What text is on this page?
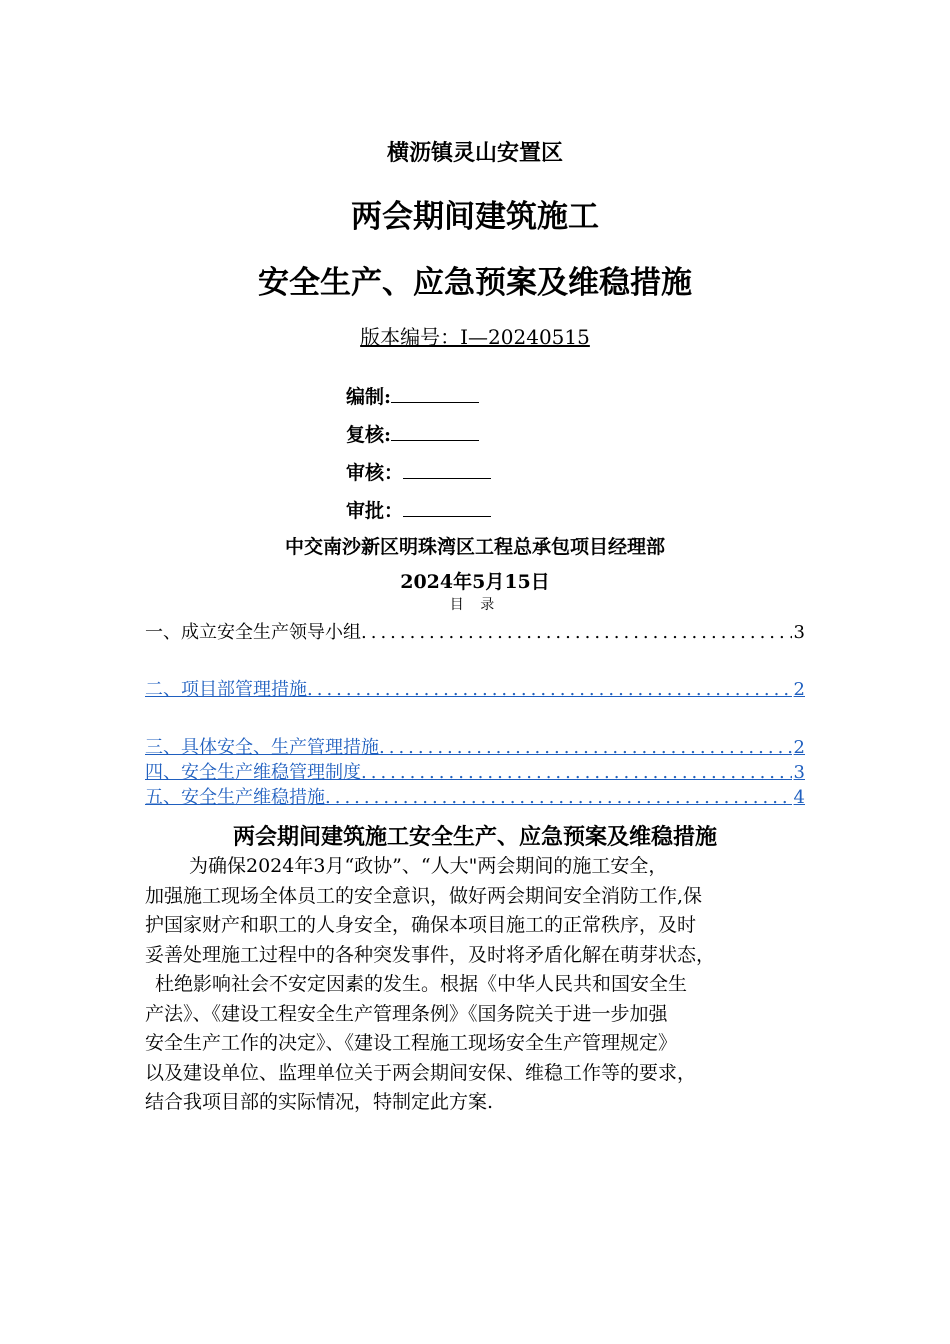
横沥镇灵山安置区
两会期间建筑施工
安全生产、应急预案及维稳措施
版本编号：Ⅰ—20240515
编制:
复核:
审核：
审批：
中交南沙新区明珠湾区工程总承包项目经理部
2024年5月15日
目 录
一、成立安全生产领导小组 .....	3
二、项目部管理措施 .....	2
三、具体安全、生产管理措施 .....	2
四、安全生产维稳管理制度 .....	3
五、安全生产维稳措施 .....	4
两会期间建筑施工安全生产、应急预案及维稳措施
为确保2024年3月“政协”、“人大"两会期间的施工安全，
加强施工现场全体员工的安全意识，做好两会期间安全消防工作,保
护国家财产和职工的人身安全，确保本项目施工的正常秩序，及时
妥善处理施工过程中的各种突发事件，及时将矛盾化解在萌芽状态，
杜绝影响社会不安定因素的发生。根据《中华人民共和国安全生
产法》、《建设工程安全生产管理条例》《国务院关于进一步加强
安全生产工作的决定》、《建设工程施工现场安全生产管理规定》
以及建设单位、监理单位关于两会期间安保、维稳工作等的要求，
结合我项目部的实际情况，特制定此方案.
